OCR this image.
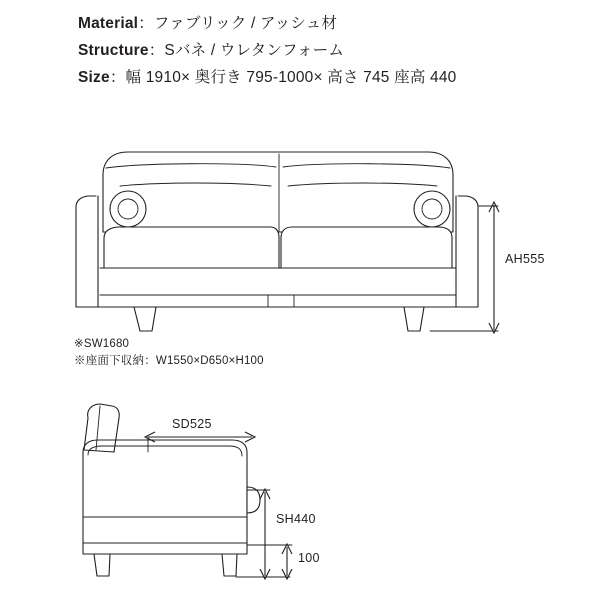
Material：ファブリック / アッシュ材
Structure：Sバネ / ウレタンフォーム
Size：幅 1910× 奥行き 795-1000× 高さ 745 座高 440
AH555
SD525
SH440
100
※SW1680
※座面下収納：W1550×D650×H100
